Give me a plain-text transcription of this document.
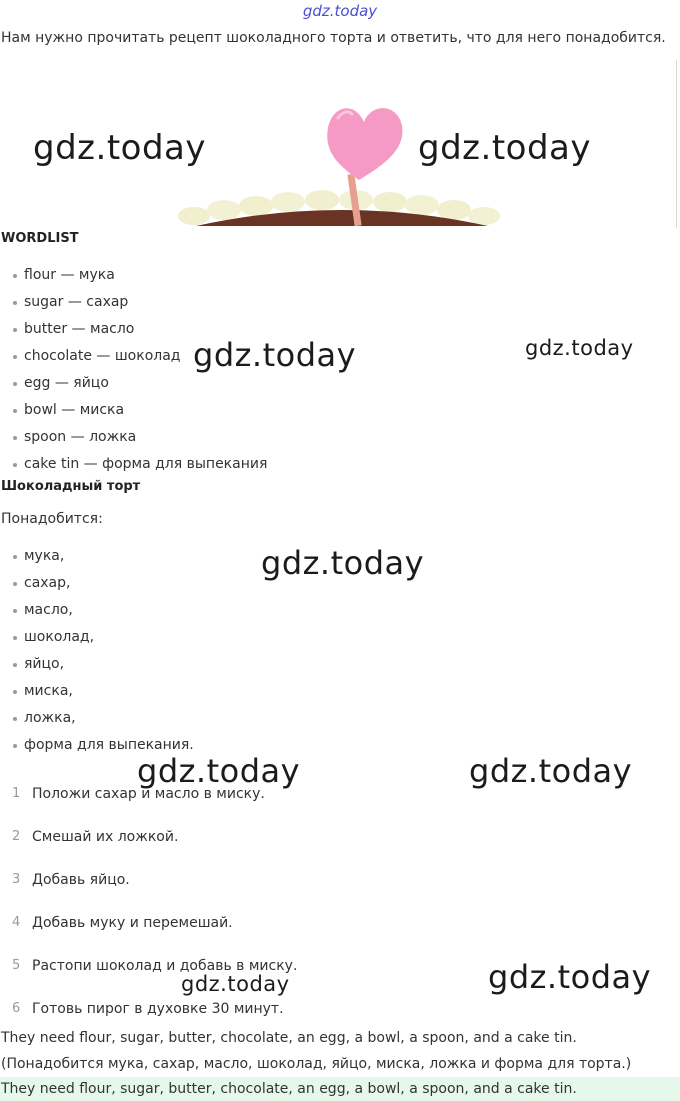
gdz.today
Нам нужно прочитать рецепт шоколадного торта и ответить, что для него понадобится.
gdz.today	gdz.today
WORDLIST
flour — мука
sugar — сахар
butter — масло
chocolate — шоколад
egg — яйцо
bowl — миска
spoon — ложка
cake tin — форма для выпекания
gdz.today	gdz.today
Шоколадный торт
Понадобится:
мука,
сахар,
масло,
шоколад,
яйцо,
миска,
ложка,
форма для выпекания.
gdz.today
gdz.today	gdz.today
1 Положи сахар и масло в миску.
2 Смешай их ложкой.
3 Добавь яйцо.
4 Добавь муку и перемешай.
5 Растопи шоколад и добавь в миску.
6 Готовь пирог в духовке 30 минут.
gdz.today
gdz.today
They need flour, sugar, butter, chocolate, an egg, a bowl, a spoon, and a cake tin.
(Понадобится мука, сахар, масло, шоколад, яйцо, миска, ложка и форма для торта.)
They need flour, sugar, butter, chocolate, an egg, a bowl, a spoon, and a cake tin.
